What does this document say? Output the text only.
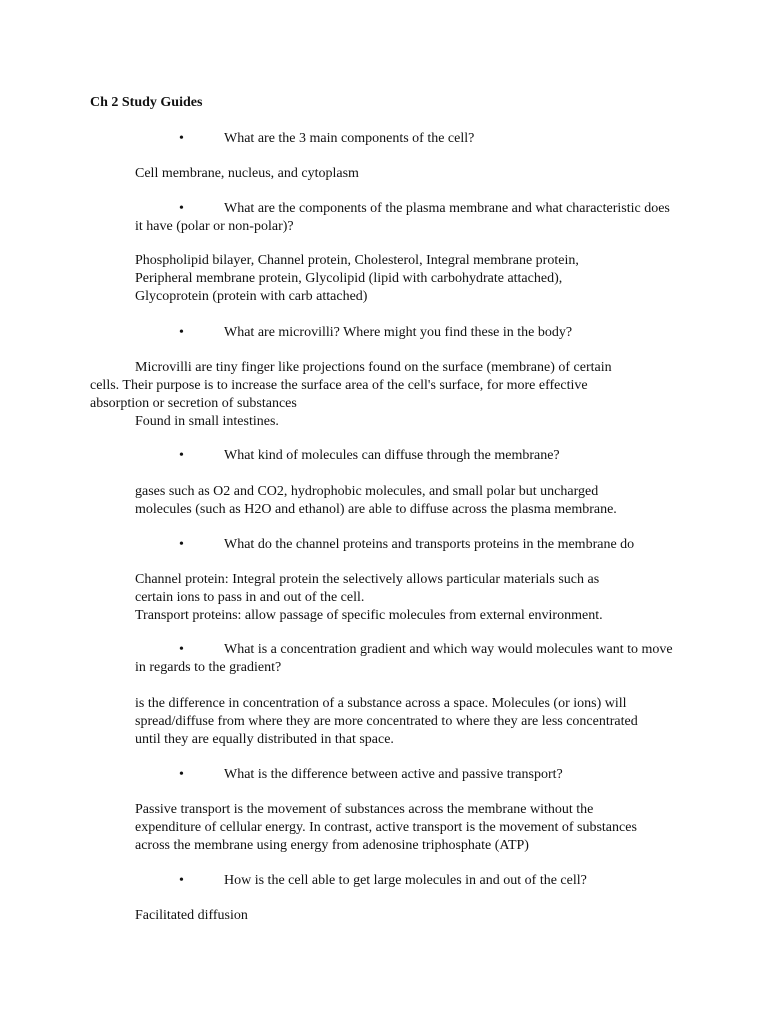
Ch 2 Study Guides
•	What are the 3 main components of the cell?
Cell membrane, nucleus, and cytoplasm
•	What are the components of the plasma membrane and what characteristic does it have (polar or non-polar)?
Phospholipid bilayer, Channel protein, Cholesterol, Integral membrane protein,
Peripheral membrane protein, Glycolipid (lipid with carbohydrate attached),
Glycoprotein (protein with carb attached)
•	What are microvilli? Where might you find these in the body?
Microvilli are tiny finger like projections found on the surface (membrane) of certain
cells. Their purpose is to increase the surface area of the cell's surface, for more effective
absorption or secretion of substances
Found in small intestines.
•	What kind of molecules can diffuse through the membrane?
gases such as O2 and CO2, hydrophobic molecules, and small polar but uncharged
molecules (such as H2O and ethanol) are able to diffuse across the plasma membrane.
•	What do the channel proteins and transports proteins in the membrane do
Channel protein: Integral protein the selectively allows particular materials such as
certain ions to pass in and out of the cell.
Transport proteins: allow passage of specific molecules from external environment.
•	What is a concentration gradient and which way would molecules want to move in regards to the gradient?
is the difference in concentration of a substance across a space. Molecules (or ions) will
spread/diffuse from where they are more concentrated to where they are less concentrated
until they are equally distributed in that space.
•	What is the difference between active and passive transport?
Passive transport is the movement of substances across the membrane without the
expenditure of cellular energy. In contrast, active transport is the movement of substances
across the membrane using energy from adenosine triphosphate (ATP)
•	How is the cell able to get large molecules in and out of the cell?
Facilitated diffusion
